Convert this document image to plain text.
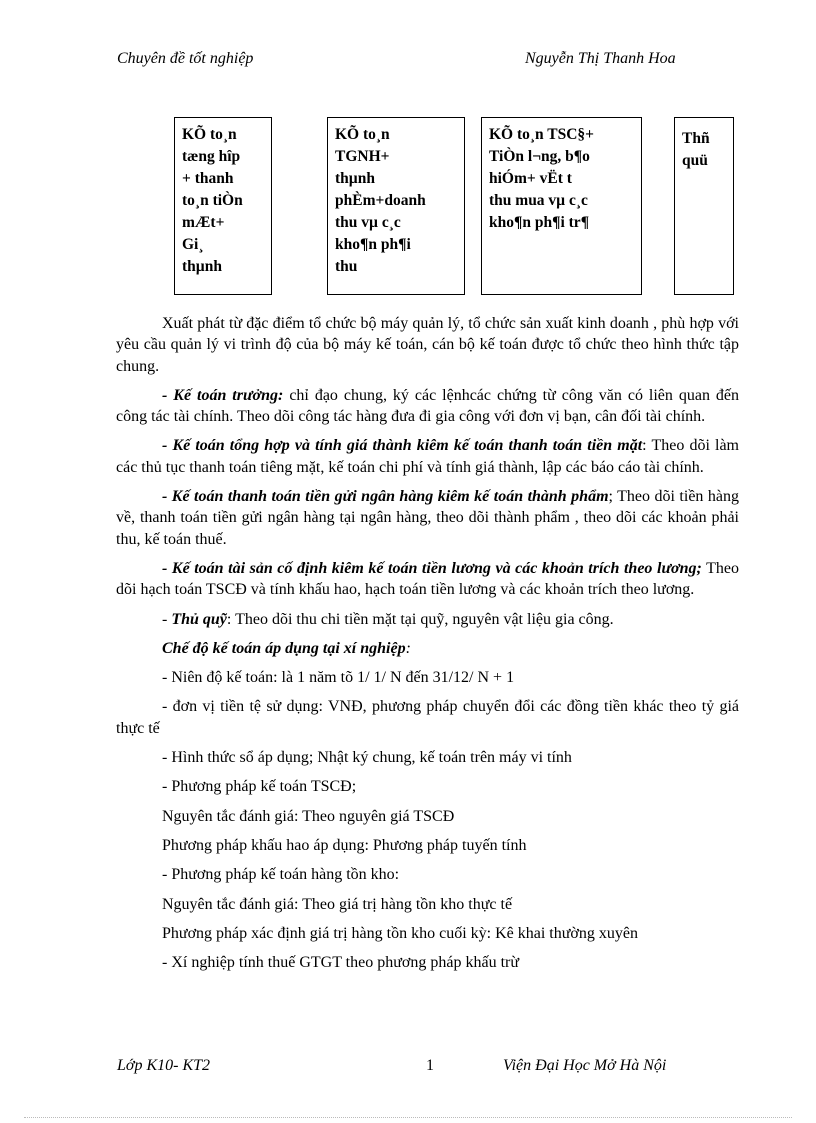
Chuyên đề tốt nghiệp	Nguyễn Thị Thanh Hoa
KÕ to¸n
tæng hîp
+ thanh
to¸n tiÒn
mÆt+
Gi¸
thµnh
KÕ to¸n
TGNH+
thµnh
phÈm+doanh
thu vµ c¸c
kho¶n ph¶i
thu
KÕ to¸n TSC§+
TiÒn l¬ng, b¶o
hiÓm+ vËt t
thu mua vµ c¸c
kho¶n ph¶i tr¶
Thñ
quü

Xuất phát từ đặc điểm tổ chức bộ máy quản lý, tổ chức sản xuất kinh doanh , phù hợp với yêu cầu quản lý vi trình độ của bộ máy kế toán, cán bộ kế toán được tổ chức theo hình thức tập chung.

- Kế toán trưởng: chỉ đạo chung, ký các lệnhcác chứng từ công văn có liên quan đến công tác tài chính. Theo dõi công tác hàng đưa đi gia công với đơn vị bạn, cân đối tài chính.

- Kế toán tổng hợp và tính giá thành kiêm kế toán thanh toán tiền mặt: Theo dõi làm các thủ tục thanh toán tiêng mặt, kế toán chi phí và tính giá thành, lập các báo cáo tài chính.

- Kế toán thanh toán tiền gửi ngân hàng kiêm kế toán thành phẩm; Theo dõi tiền hàng về, thanh toán tiền gửi ngân hàng tại ngân hàng, theo dõi thành phẩm , theo dõi các khoản phải thu, kế toán thuế.

- Kế toán tài sản cố định kiêm kế toán tiền lương và các khoản trích theo lương; Theo dõi hạch toán TSCĐ và tính khấu hao, hạch toán tiền lương và các khoản trích theo lương.

- Thủ quỹ: Theo dõi thu chi tiền mặt tại quỹ, nguyên vật liệu gia công.

Chế độ kế toán áp dụng tại xí nghiệp:

- Niên độ kế toán: là 1 năm tõ 1/ 1/ N đến 31/12/ N + 1

- đơn vị tiền tệ sử dụng: VNĐ, phương pháp chuyển đổi các đồng tiền khác theo tỷ giá thực tế

- Hình thức sổ áp dụng; Nhật ký chung, kế toán trên máy vi tính

- Phương pháp kế toán TSCĐ;

Nguyên tắc đánh giá: Theo nguyên giá TSCĐ

Phương pháp khấu hao áp dụng: Phương pháp tuyến tính

- Phương pháp kế toán hàng tồn kho:

Nguyên tắc đánh giá: Theo giá trị hàng tồn kho thực tế

Phương pháp xác định giá trị hàng tồn kho cuối kỳ: Kê khai thường xuyên

- Xí nghiệp tính thuế GTGT theo phương pháp khấu trừ

Lớp K10- KT2	1	Viện Đại Học Mở Hà Nội
